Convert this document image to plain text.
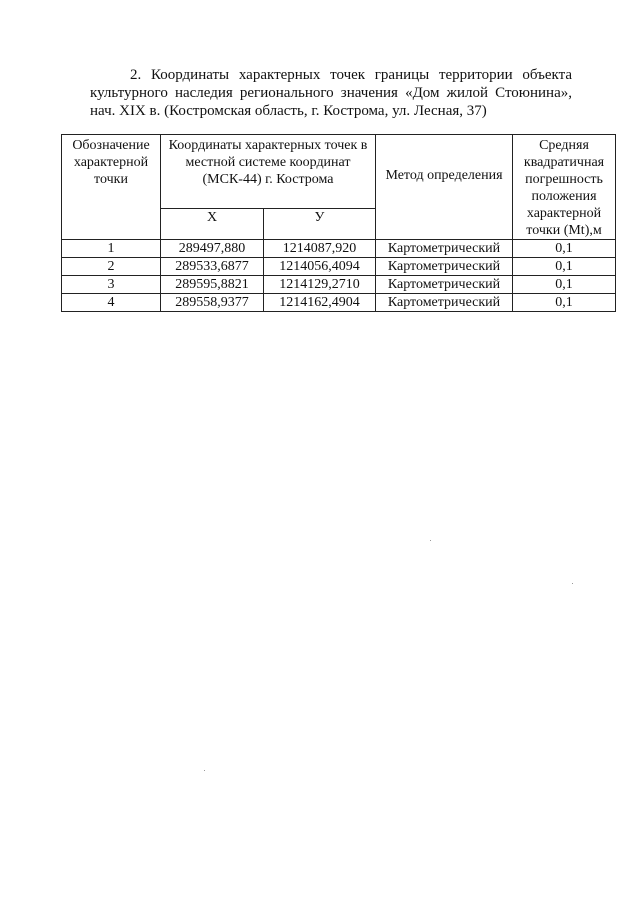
2. Координаты характерных точек границы территории объекта культурного наследия регионального значения «Дом жилой Стоюнина», нач. XIX в. (Костромская область, г. Кострома, ул. Лесная, 37)

Обозначение характерной точки	Координаты характерных точек в местной системе координат (МСК-44) г. Кострома		Метод определения	Средняя квадратичная погрешность положения характерной точки (Mt),м
	X	У		
1	289497,880	1214087,920	Картометрический	0,1
2	289533,6877	1214056,4094	Картометрический	0,1
3	289595,8821	1214129,2710	Картометрический	0,1
4	289558,9377	1214162,4904	Картометрический	0,1
